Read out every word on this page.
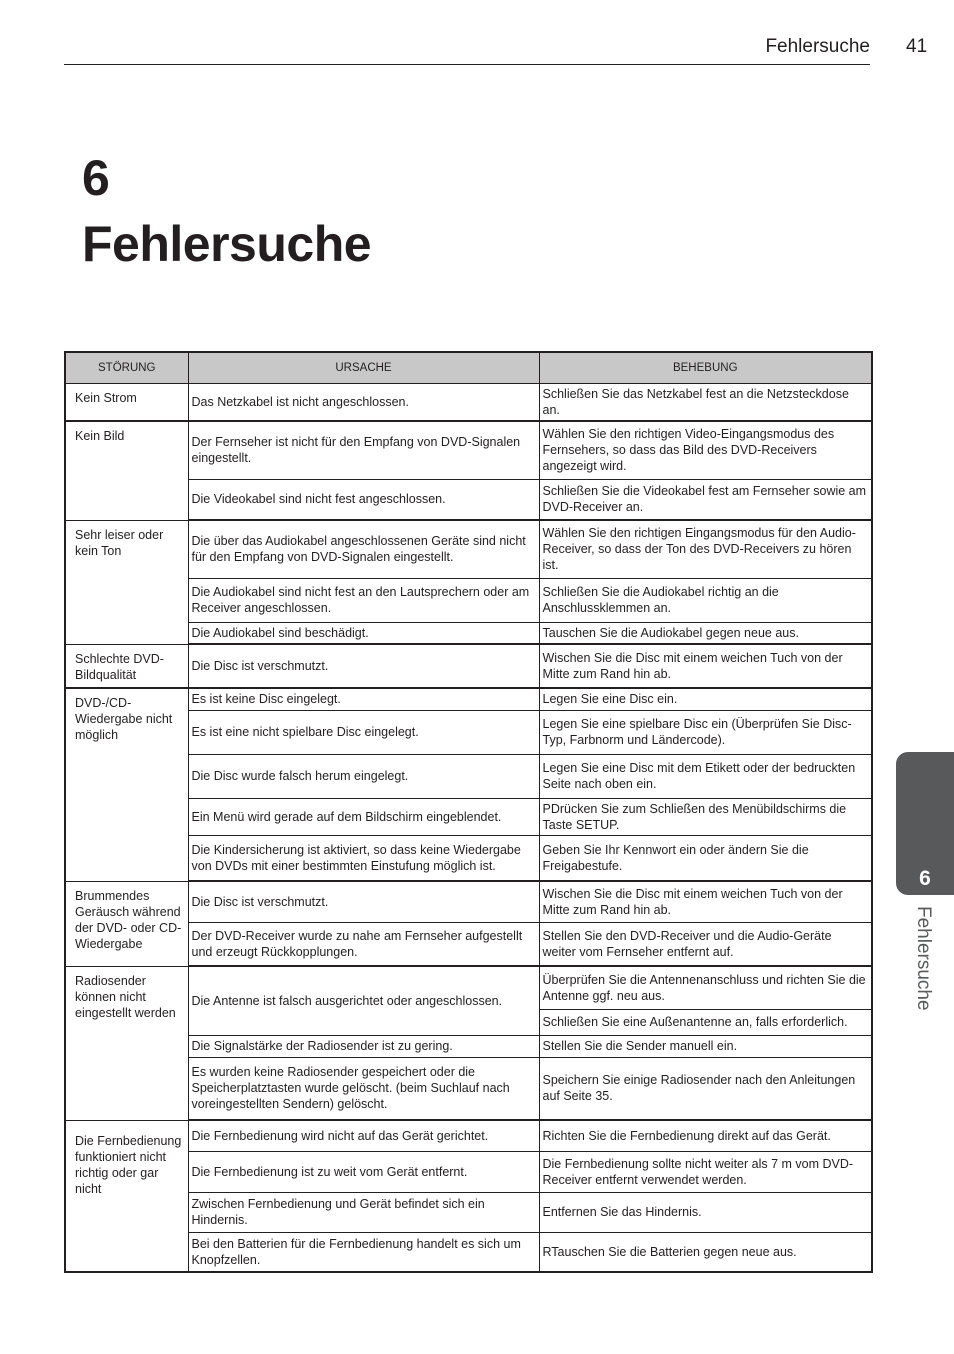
Fehlersuche 41
6
Fehlersuche
6
Fehlersuche
STÖRUNG	URSACHE	BEHEBUNG
Kein Strom	Das Netzkabel ist nicht angeschlossen.	Schließen Sie das Netzkabel fest an die Netzsteckdose an.
Kein Bild	Der Fernseher ist nicht für den Empfang von DVD-Signalen eingestellt.	Wählen Sie den richtigen Video-Eingangsmodus des Fernsehers, so dass das Bild des DVD-Receivers angezeigt wird.
	Die Videokabel sind nicht fest angeschlossen.	Schließen Sie die Videokabel fest am Fernseher sowie am DVD-Receiver an.
Sehr leiser oder kein Ton	Die über das Audiokabel angeschlossenen Geräte sind nicht für den Empfang von DVD-Signalen eingestellt.	Wählen Sie den richtigen Eingangsmodus für den Audio- Receiver, so dass der Ton des DVD-Receivers zu hören ist.
	Die Audiokabel sind nicht fest an den Lautsprechern oder am Receiver angeschlossen.	Schließen Sie die Audiokabel richtig an die Anschlussklemmen an.
	Die Audiokabel sind beschädigt.	Tauschen Sie die Audiokabel gegen neue aus.
Schlechte DVD-Bildqualität	Die Disc ist verschmutzt.	Wischen Sie die Disc mit einem weichen Tuch von der Mitte zum Rand hin ab.
DVD-/CD-Wiedergabe nicht möglich	Es ist keine Disc eingelegt.	Legen Sie eine Disc ein.
	Es ist eine nicht spielbare Disc eingelegt.	Legen Sie eine spielbare Disc ein (Überprüfen Sie Disc-Typ, Farbnorm und Ländercode).
	Die Disc wurde falsch herum eingelegt.	Legen Sie eine Disc mit dem Etikett oder der bedruckten Seite nach oben ein.
	Ein Menü wird gerade auf dem Bildschirm eingeblendet.	PDrücken Sie zum Schließen des Menübildschirms die Taste SETUP.
	Die Kindersicherung ist aktiviert, so dass keine Wiedergabe von DVDs mit einer bestimmten Einstufung möglich ist.	Geben Sie Ihr Kennwort ein oder ändern Sie die Freigabestufe.
Brummendes Geräusch während der DVD- oder CD-Wiedergabe	Die Disc ist verschmutzt.	Wischen Sie die Disc mit einem weichen Tuch von der Mitte zum Rand hin ab.
	Der DVD-Receiver wurde zu nahe am Fernseher aufgestellt und erzeugt Rückkopplungen.	Stellen Sie den DVD-Receiver und die Audio-Geräte weiter vom Fernseher entfernt auf.
Radiosender können nicht eingestellt werden	Die Antenne ist falsch ausgerichtet oder angeschlossen.	Überprüfen Sie die Antennenanschluss und richten Sie die Antenne ggf. neu aus.
		Schließen Sie eine Außenantenne an, falls erforderlich.
	Die Signalstärke der Radiosender ist zu gering.	Stellen Sie die Sender manuell ein.
	Es wurden keine Radiosender gespeichert oder die Speicherplatztasten wurde gelöscht. (beim Suchlauf nach voreingestellten Sendern) gelöscht.	Speichern Sie einige Radiosender nach den Anleitungen auf Seite 35.
Die Fernbedienung funktioniert nicht richtig oder gar nicht	Die Fernbedienung wird nicht auf das Gerät gerichtet.	Richten Sie die Fernbedienung direkt auf das Gerät.
	Die Fernbedienung ist zu weit vom Gerät entfernt.	Die Fernbedienung sollte nicht weiter als 7 m vom DVD-Receiver entfernt verwendet werden.
	Zwischen Fernbedienung und Gerät befindet sich ein Hindernis.	Entfernen Sie das Hindernis.
	Bei den Batterien für die Fernbedienung handelt es sich um Knopfzellen.	RTauschen Sie die Batterien gegen neue aus.
